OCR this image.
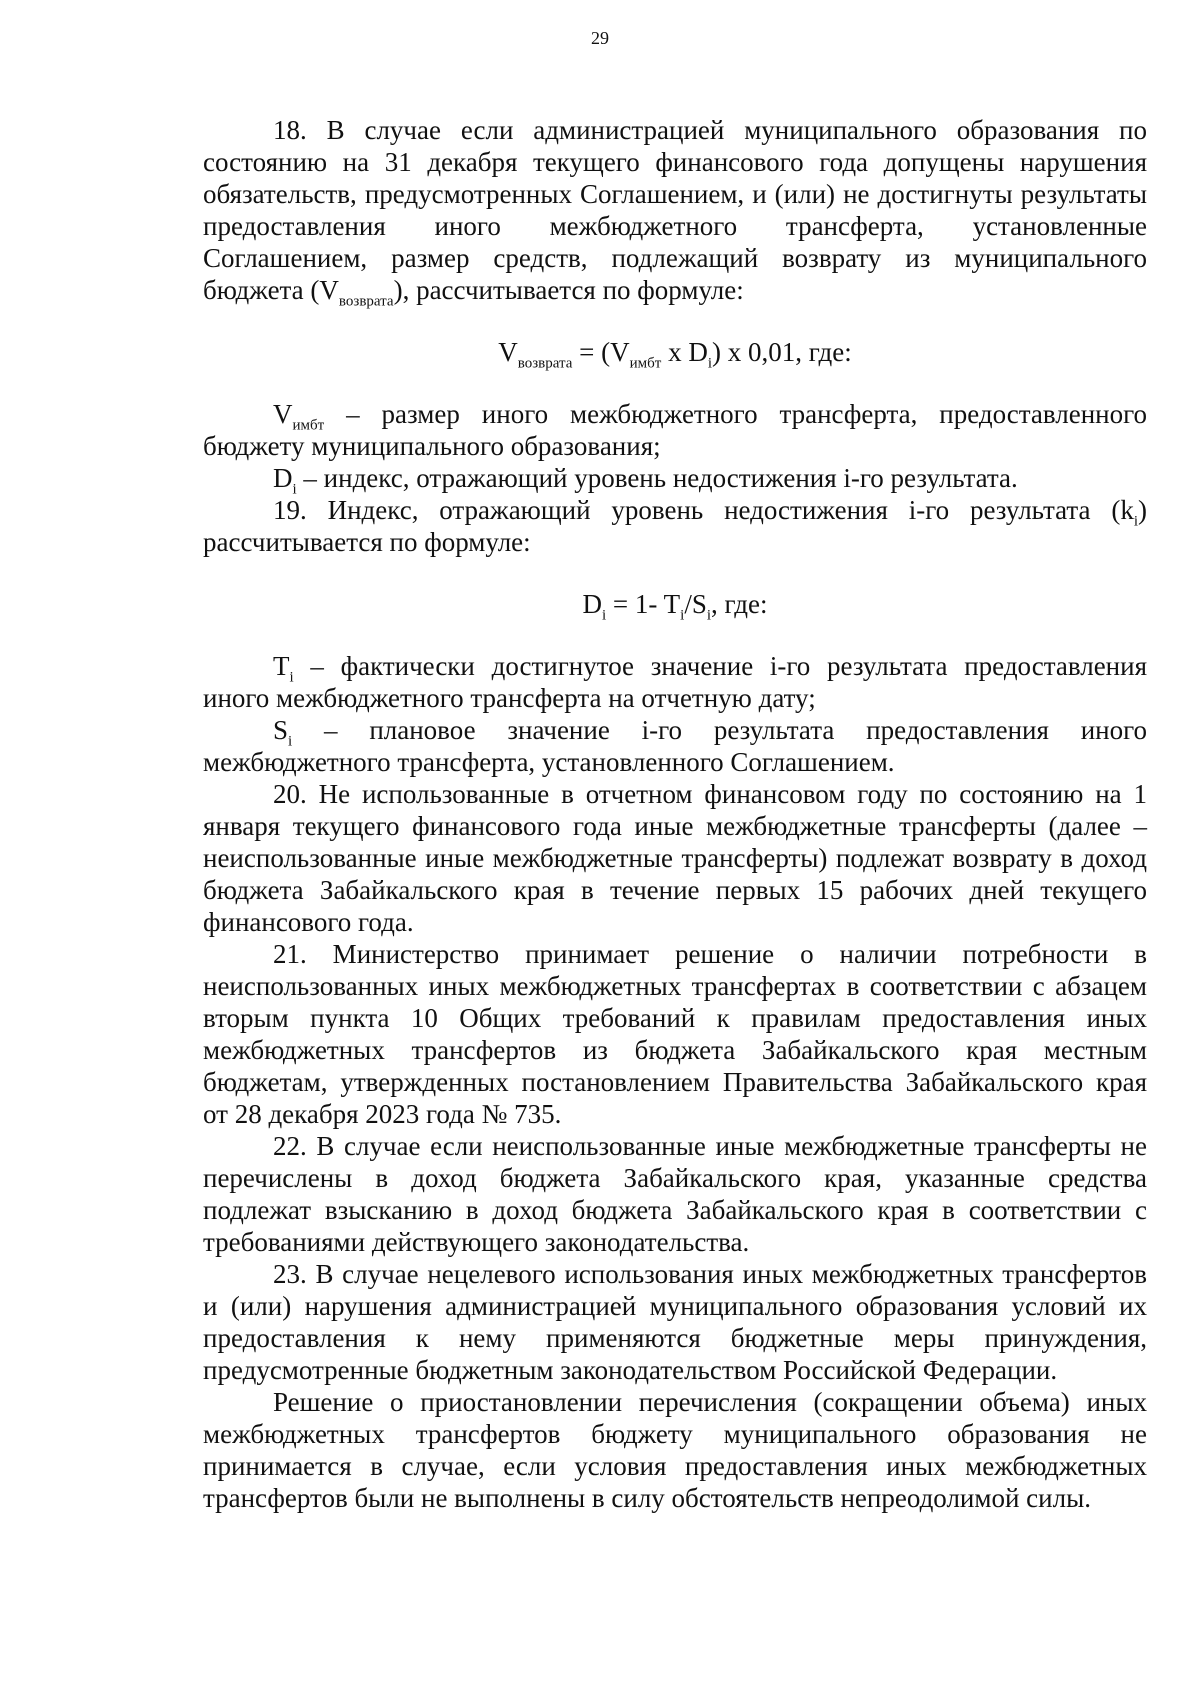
29

18. В случае если администрацией муниципального образования по состоянию на 31 декабря текущего финансового года допущены нарушения обязательств, предусмотренных Соглашением, и (или) не достигнуты результаты предоставления иного межбюджетного трансферта, установленные Соглашением, размер средств, подлежащий возврату из муниципального бюджета $(V_{возврата})$, рассчитывается по формуле:

$V_{возврата} = (V_{имбт}$ x $D_i$) x 0,01, где:

$V_{имбт}$ – размер иного межбюджетного трансферта, предоставленного бюджету муниципального образования;

$D_i$ – индекс, отражающий уровень недостижения i-го результата.

19. Индекс, отражающий уровень недостижения i-го результата $(k_i)$ рассчитывается по формуле:

$D_i = 1-$ $T_i/S_i$, где:

$T_i$ – фактически достигнутое значение i-го результата предоставления иного межбюджетного трансферта на отчетную дату;

$S_i$ – плановое значение i-го результата предоставления иного межбюджетного трансферта, установленного Соглашением.

20. Не использованные в отчетном финансовом году по состоянию на 1 января текущего финансового года иные межбюджетные трансферты (далее – неиспользованные иные межбюджетные трансферты) подлежат возврату в доход бюджета Забайкальского края в течение первых 15 рабочих дней текущего финансового года.

21. Министерство принимает решение о наличии потребности в неиспользованных иных межбюджетных трансфертах в соответствии с абзацем вторым пункта 10 Общих требований к правилам предоставления иных межбюджетных трансфертов из бюджета Забайкальского края местным бюджетам, утвержденных постановлением Правительства Забайкальского края от 28 декабря 2023 года № 735.

22. В случае если неиспользованные иные межбюджетные трансферты не перечислены в доход бюджета Забайкальского края, указанные средства подлежат взысканию в доход бюджета Забайкальского края в соответствии с требованиями действующего законодательства.

23. В случае нецелевого использования иных межбюджетных трансфертов и (или) нарушения администрацией муниципального образования условий их предоставления к нему применяются бюджетные меры принуждения, предусмотренные бюджетным законодательством Российской Федерации.

Решение о приостановлении перечисления (сокращении объема) иных межбюджетных трансфертов бюджету муниципального образования не принимается в случае, если условия предоставления иных межбюджетных трансфертов были не выполнены в силу обстоятельств непреодолимой силы.
